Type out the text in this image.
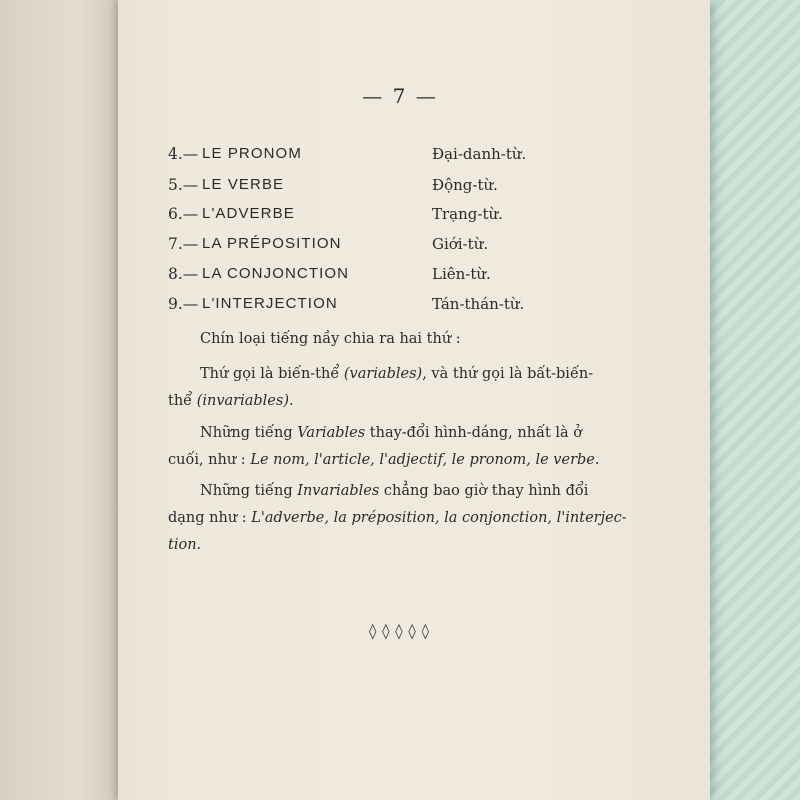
— 7 —
4.— LE PRONOM	Đại-danh-từ.
5.— LE VERBE	Động-từ.
6.— L'ADVERBE	Trạng-từ.
7.— LA PRÉPOSITION	Giới-từ.
8.— LA CONJONCTION	Liên-từ.
9.— L'INTERJECTION	Tán-thán-từ.
Chín loại tiếng nầy chia ra hai thứ :
Thứ gọi là biến-thể (variables), và thứ gọi là bất-biến-
thể (invariables).
Những tiếng Variables thay-đổi hình-dáng, nhất là ở
cuối, như : Le nom, l'article, l'adjectif, le pronom, le verbe.
Những tiếng Invariables chẳng bao giờ thay hình đổi
dạng như : L'adverbe, la préposition, la conjonction, l'interjec-
tion.
◊ ◊ ◊ ◊ ◊
